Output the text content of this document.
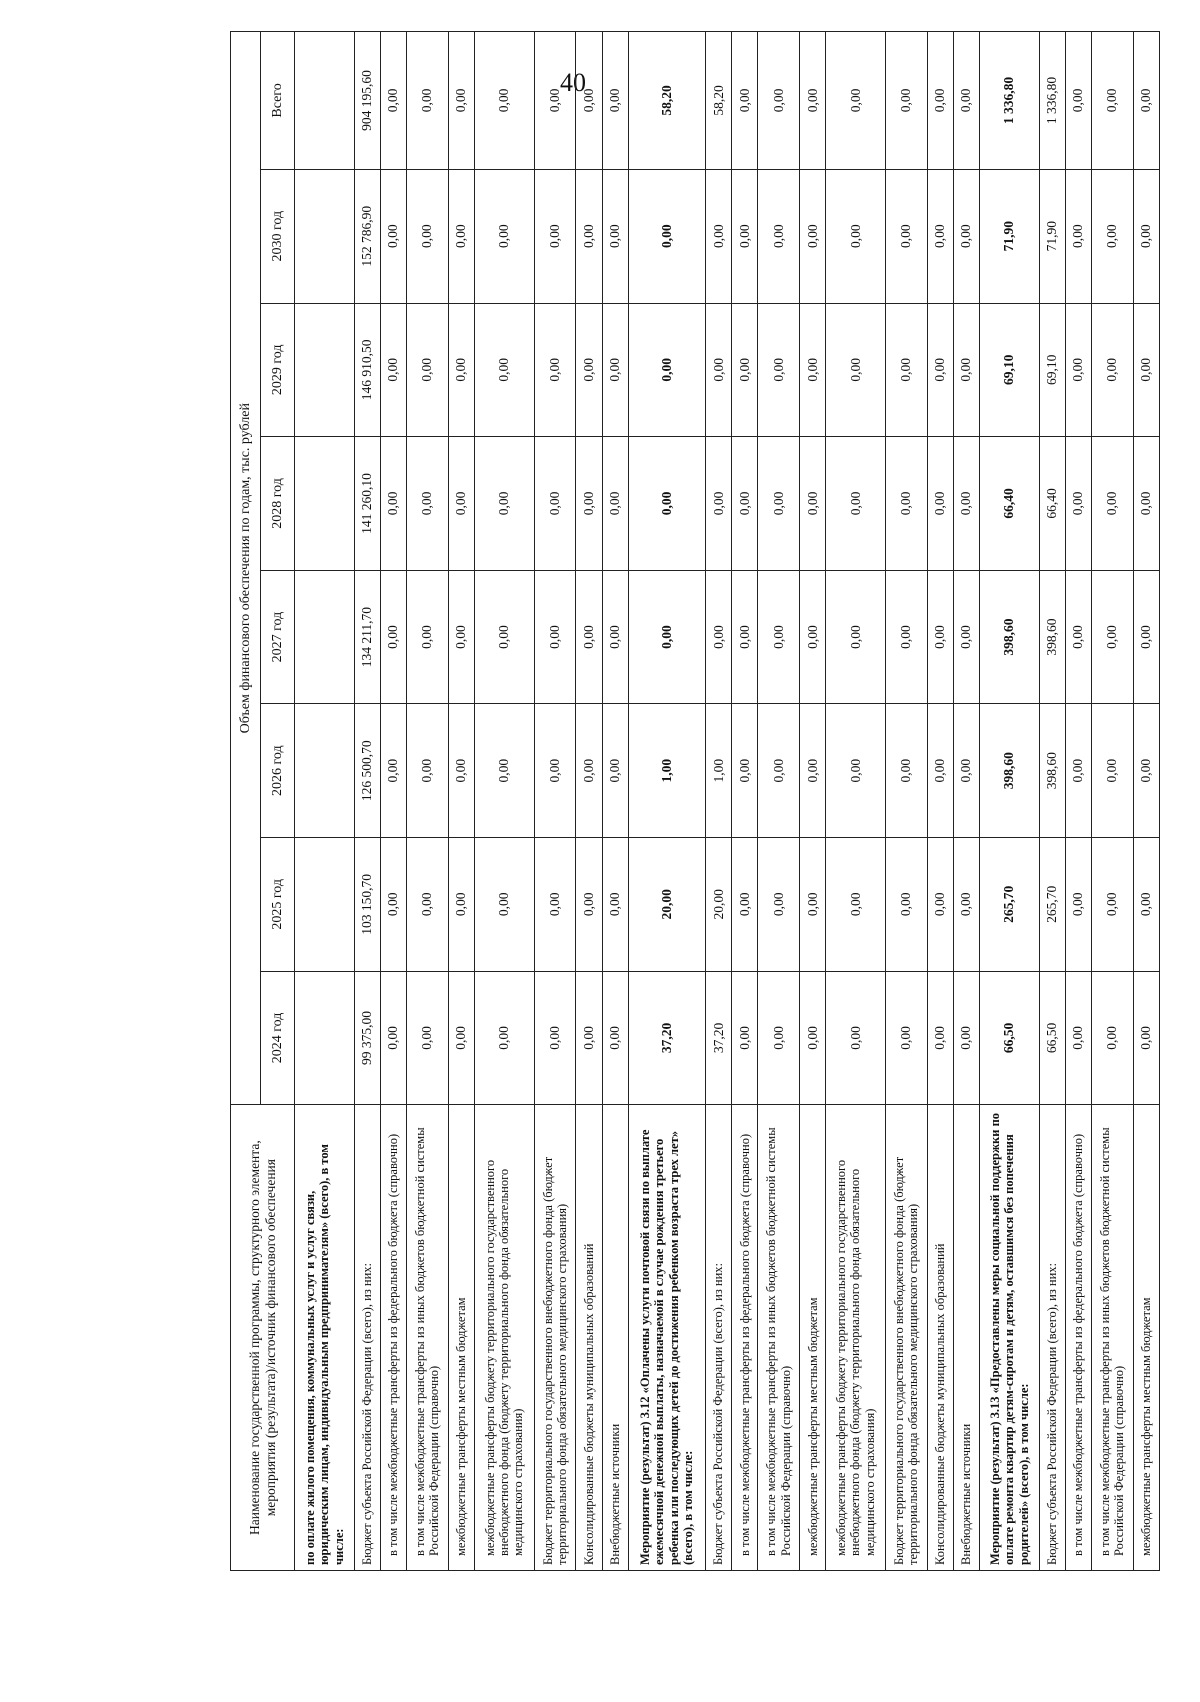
40
Наименование государственной программы, структурного элемента, мероприятия (результата)/источник финансового обеспечения	Объем финансового обеспечения по годам, тыс. рублей							
	2024 год	2025 год	2026 год	2027 год	2028 год	2029 год	2030 год	Всего
по оплате жилого помещения, коммунальных услуг и услуг связи, юридическим лицам, индивидуальным предпринимателям» (всего), в том числе:								
Бюджет субъекта Российской Федерации (всего), из них:	99 375,00	103 150,70	126 500,70	134 211,70	141 260,10	146 910,50	152 786,90	904 195,60
в том числе межбюджетные трансферты из федерального бюджета (справочно)	0,00	0,00	0,00	0,00	0,00	0,00	0,00	0,00
в том числе межбюджетные трансферты из иных бюджетов бюджетной системы Российской Федерации (справочно)	0,00	0,00	0,00	0,00	0,00	0,00	0,00	0,00
межбюджетные трансферты местным бюджетам	0,00	0,00	0,00	0,00	0,00	0,00	0,00	0,00
межбюджетные трансферты бюджету территориального государственного внебюджетного фонда (бюджету территориального фонда обязательного медицинского страхования)	0,00	0,00	0,00	0,00	0,00	0,00	0,00	0,00
Бюджет территориального государственного внебюджетного фонда (бюджет территориального фонда обязательного медицинского страхования)	0,00	0,00	0,00	0,00	0,00	0,00	0,00	0,00
Консолидированные бюджеты муниципальных образований	0,00	0,00	0,00	0,00	0,00	0,00	0,00	0,00
Внебюджетные источники	0,00	0,00	0,00	0,00	0,00	0,00	0,00	0,00
Мероприятие (результат) 3.12 «Оплачены услуги почтовой связи по выплате ежемесячной денежной выплаты, назначаемой в случае рождения третьего ребенка или последующих детей до достижения ребенком возраста трех лет» (всего), в том числе:	37,20	20,00	1,00	0,00	0,00	0,00	0,00	58,20
Бюджет субъекта Российской Федерации (всего), из них:	37,20	20,00	1,00	0,00	0,00	0,00	0,00	58,20
в том числе межбюджетные трансферты из федерального бюджета (справочно)	0,00	0,00	0,00	0,00	0,00	0,00	0,00	0,00
в том числе межбюджетные трансферты из иных бюджетов бюджетной системы Российской Федерации (справочно)	0,00	0,00	0,00	0,00	0,00	0,00	0,00	0,00
межбюджетные трансферты местным бюджетам	0,00	0,00	0,00	0,00	0,00	0,00	0,00	0,00
межбюджетные трансферты бюджету территориального государственного внебюджетного фонда (бюджету территориального фонда обязательного медицинского страхования)	0,00	0,00	0,00	0,00	0,00	0,00	0,00	0,00
Бюджет территориального государственного внебюджетного фонда (бюджет территориального фонда обязательного медицинского страхования)	0,00	0,00	0,00	0,00	0,00	0,00	0,00	0,00
Консолидированные бюджеты муниципальных образований	0,00	0,00	0,00	0,00	0,00	0,00	0,00	0,00
Внебюджетные источники	0,00	0,00	0,00	0,00	0,00	0,00	0,00	0,00
Мероприятие (результат) 3.13 «Предоставлены меры социальной поддержки по оплате ремонта квартир детям-сиротам и детям, оставшимся без попечения родителей» (всего), в том числе:	66,50	265,70	398,60	398,60	66,40	69,10	71,90	1 336,80
Бюджет субъекта Российской Федерации (всего), из них:	66,50	265,70	398,60	398,60	66,40	69,10	71,90	1 336,80
в том числе межбюджетные трансферты из федерального бюджета (справочно)	0,00	0,00	0,00	0,00	0,00	0,00	0,00	0,00
в том числе межбюджетные трансферты из иных бюджетов бюджетной системы Российской Федерации (справочно)	0,00	0,00	0,00	0,00	0,00	0,00	0,00	0,00
межбюджетные трансферты местным бюджетам	0,00	0,00	0,00	0,00	0,00	0,00	0,00	0,00
